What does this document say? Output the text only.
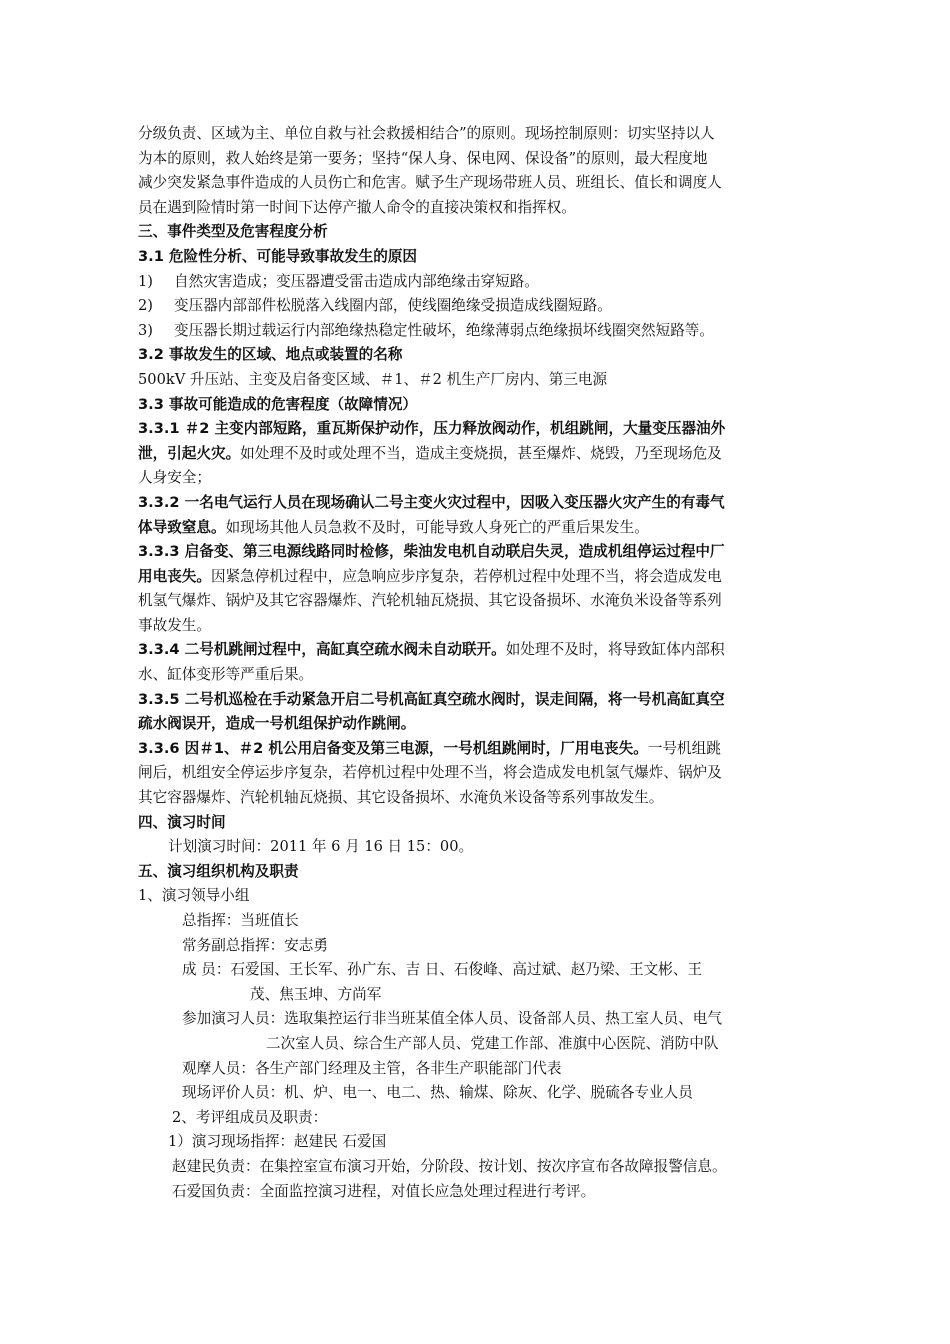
分级负责、区域为主、单位自救与社会救援相结合”的原则。现场控制原则：切实坚持以人
为本的原则，救人始终是第一要务；坚持“保人身、保电网、保设备”的原则，最大程度地
减少突发紧急事件造成的人员伤亡和危害。赋予生产现场带班人员、班组长、值长和调度人
员在遇到险情时第一时间下达停产撤人命令的直接决策权和指挥权。
三、事件类型及危害程度分析
3.1 危险性分析、可能导致事故发生的原因
1) 自然灾害造成；变压器遭受雷击造成内部绝缘击穿短路。
2) 变压器内部部件松脱落入线圈内部，使线圈绝缘受损造成线圈短路。
3) 变压器长期过载运行内部绝缘热稳定性破坏，绝缘薄弱点绝缘损坏线圈突然短路等。
3.2 事故发生的区域、地点或装置的名称
500kV 升压站、主变及启备变区域、＃1、＃2 机生产厂房内、第三电源
3.3 事故可能造成的危害程度（故障情况）
3.3.1 ＃2 主变内部短路，重瓦斯保护动作，压力释放阀动作，机组跳闸，大量变压器油外
泄，引起火灾。如处理不及时或处理不当，造成主变烧损，甚至爆炸、烧毁，乃至现场危及
人身安全；
3.3.2 一名电气运行人员在现场确认二号主变火灾过程中，因吸入变压器火灾产生的有毒气
体导致窒息。如现场其他人员急救不及时，可能导致人身死亡的严重后果发生。
3.3.3 启备变、第三电源线路同时检修，柴油发电机自动联启失灵，造成机组停运过程中厂
用电丧失。因紧急停机过程中，应急响应步序复杂，若停机过程中处理不当，将会造成发电
机氢气爆炸、锅炉及其它容器爆炸、汽轮机轴瓦烧损、其它设备损坏、水淹负米设备等系列
事故发生。
3.3.4 二号机跳闸过程中，高缸真空疏水阀未自动联开。如处理不及时，将导致缸体内部积
水、缸体变形等严重后果。
3.3.5 二号机巡检在手动紧急开启二号机高缸真空疏水阀时，误走间隔，将一号机高缸真空
疏水阀误开，造成一号机组保护动作跳闸。
3.3.6 因＃1、＃2 机公用启备变及第三电源，一号机组跳闸时，厂用电丧失。一号机组跳
闸后，机组安全停运步序复杂，若停机过程中处理不当，将会造成发电机氢气爆炸、锅炉及
其它容器爆炸、汽轮机轴瓦烧损、其它设备损坏、水淹负米设备等系列事故发生。
四、演习时间
计划演习时间：2011 年 6 月 16 日 15：00。
五、演习组织机构及职责
1、演习领导小组
总指挥：当班值长
常务副总指挥：安志勇
成 员：石爱国、王长军、孙广东、吉 日、石俊峰、高过斌、赵乃梁、王文彬、王
茂、焦玉坤、方尚军
参加演习人员：选取集控运行非当班某值全体人员、设备部人员、热工室人员、电气
二次室人员、综合生产部人员、党建工作部、准旗中心医院、消防中队
观摩人员：各生产部门经理及主管，各非生产职能部门代表
现场评价人员：机、炉、电一、电二、热、输煤、除灰、化学、脱硫各专业人员
2、考评组成员及职责：
1）演习现场指挥：赵建民 石爱国
赵建民负责：在集控室宣布演习开始，分阶段、按计划、按次序宣布各故障报警信息。
石爱国负责：全面监控演习进程，对值长应急处理过程进行考评。
